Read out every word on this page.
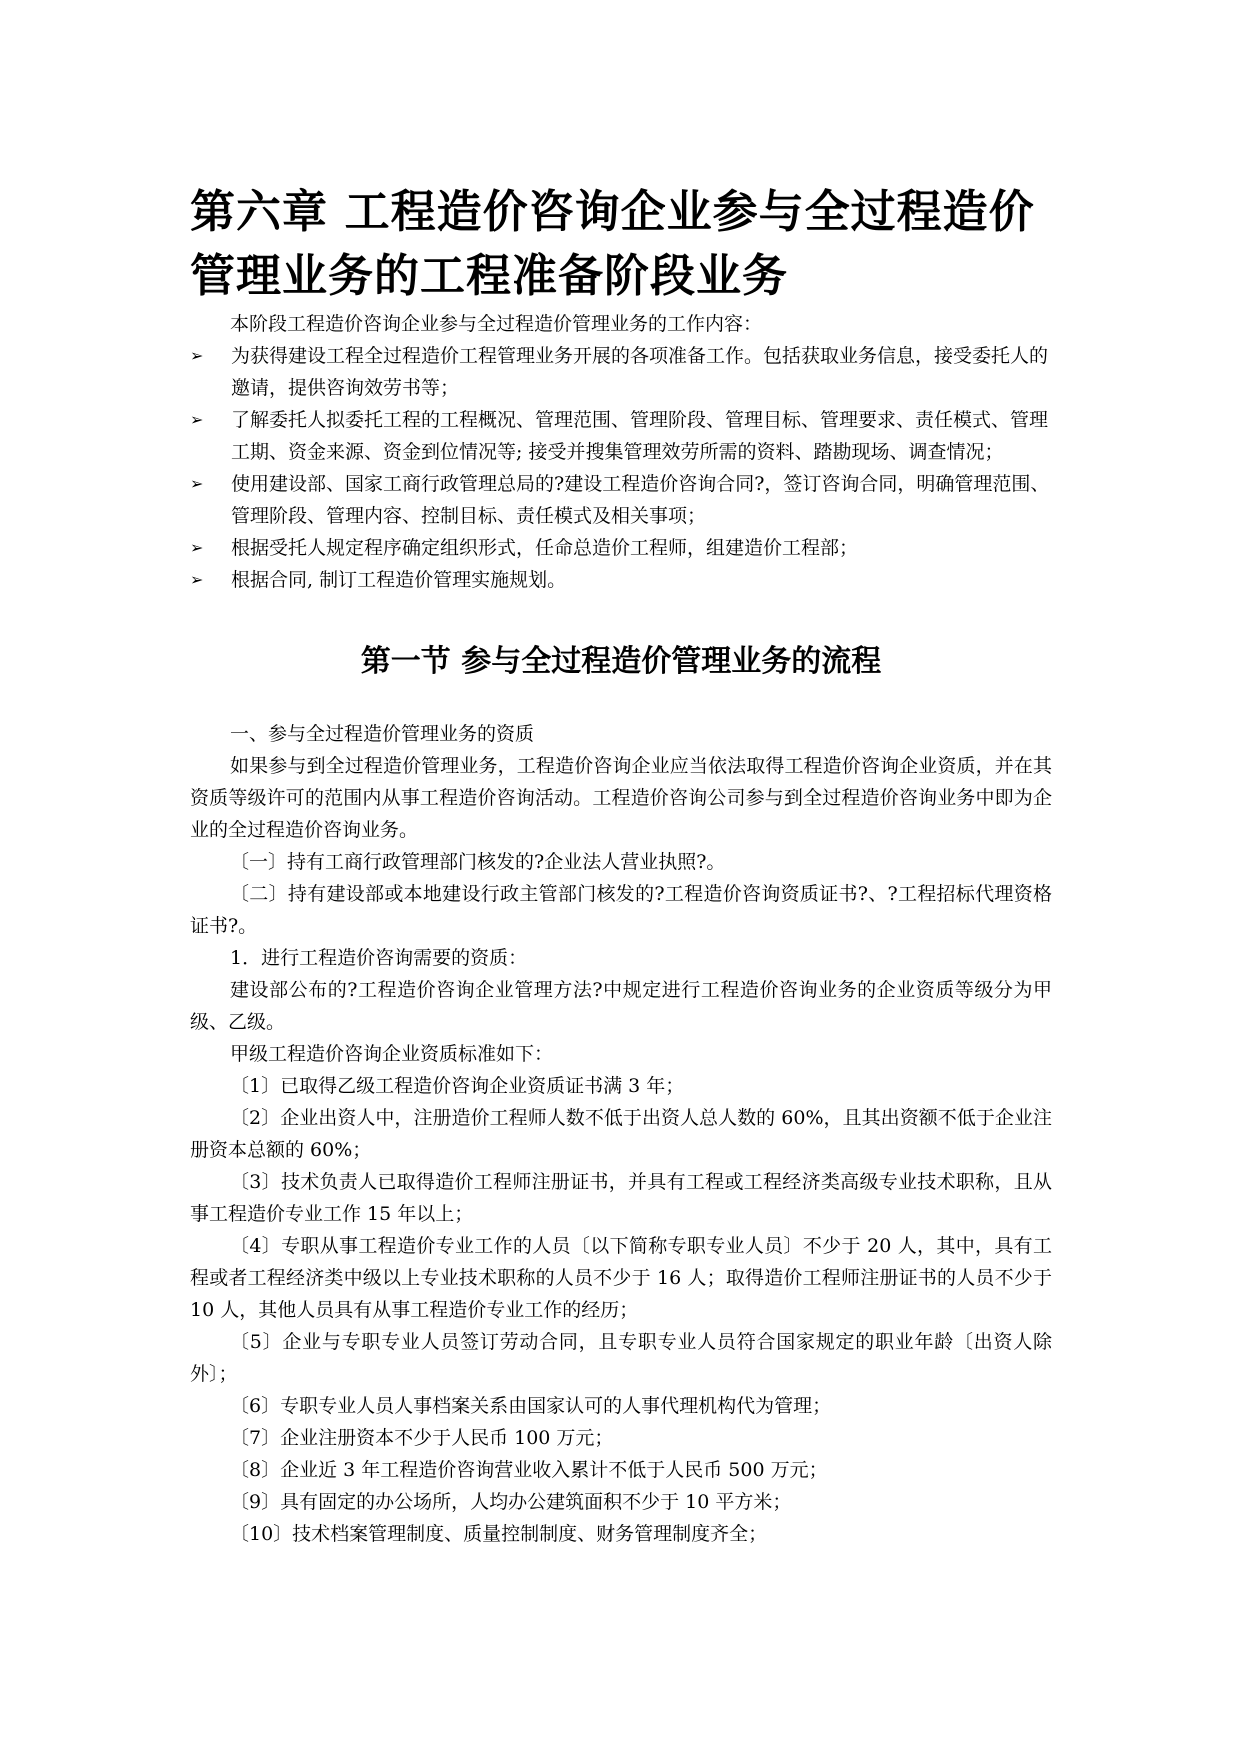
第六章 工程造价咨询企业参与全过程造价
管理业务的工程准备阶段业务

本阶段工程造价咨询企业参与全过程造价管理业务的工作内容：

➢ 为获得建设工程全过程造价工程管理业务开展的各项准备工作。包括获取业务信息，接受委托人的邀请，提供咨询效劳书等；
➢ 了解委托人拟委托工程的工程概况、管理范围、管理阶段、管理目标、管理要求、责任模式、管理工期、资金来源、资金到位情况等; 接受并搜集管理效劳所需的资料、踏勘现场、调查情况；
➢ 使用建设部、国家工商行政管理总局的?建设工程造价咨询合同?，签订咨询合同，明确管理范围、管理阶段、管理内容、控制目标、责任模式及相关事项；
➢ 根据受托人规定程序确定组织形式，任命总造价工程师，组建造价工程部；
➢ 根据合同, 制订工程造价管理实施规划。
第一节 参与全过程造价管理业务的流程

一、参与全过程造价管理业务的资质

如果参与到全过程造价管理业务，工程造价咨询企业应当依法取得工程造价咨询企业资质，并在其资质等级许可的范围内从事工程造价咨询活动。工程造价咨询公司参与到全过程造价咨询业务中即为企业的全过程造价咨询业务。

〔一〕持有工商行政管理部门核发的?企业法人营业执照?。

〔二〕持有建设部或本地建设行政主管部门核发的?工程造价咨询资质证书?、?工程招标代理资格证书?。

1．进行工程造价咨询需要的资质：

建设部公布的?工程造价咨询企业管理方法?中规定进行工程造价咨询业务的企业资质等级分为甲级、乙级。

甲级工程造价咨询企业资质标准如下：

〔1〕已取得乙级工程造价咨询企业资质证书满 3 年；

〔2〕企业出资人中，注册造价工程师人数不低于出资人总人数的 60%，且其出资额不低于企业注册资本总额的 60%；

〔3〕技术负责人已取得造价工程师注册证书，并具有工程或工程经济类高级专业技术职称，且从事工程造价专业工作 15 年以上；

〔4〕专职从事工程造价专业工作的人员〔以下简称专职专业人员〕不少于 20 人，其中，具有工程或者工程经济类中级以上专业技术职称的人员不少于 16 人；取得造价工程师注册证书的人员不少于 10 人，其他人员具有从事工程造价专业工作的经历；

〔5〕企业与专职专业人员签订劳动合同，且专职专业人员符合国家规定的职业年龄〔出资人除外〕；

〔6〕专职专业人员人事档案关系由国家认可的人事代理机构代为管理；

〔7〕企业注册资本不少于人民币 100 万元；

〔8〕企业近 3 年工程造价咨询营业收入累计不低于人民币 500 万元；

〔9〕具有固定的办公场所，人均办公建筑面积不少于 10 平方米；

〔10〕技术档案管理制度、质量控制制度、财务管理制度齐全；
